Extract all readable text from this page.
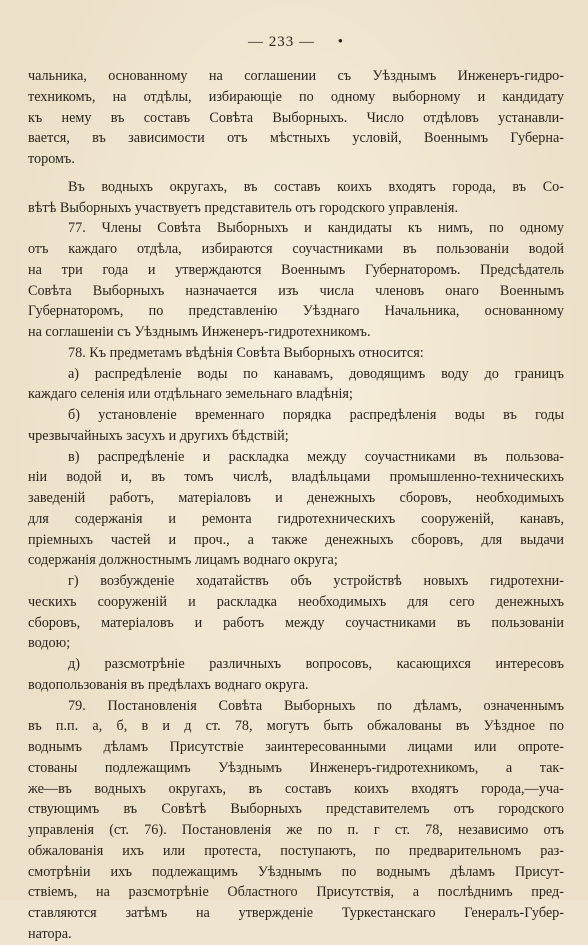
— 233 — •

чальника, основанному на соглашении съ Уѣзднымъ Инженеръ-гидро-
техникомъ, на отдѣлы, избирающіе по одному выборному и кандидату
къ нему въ составъ Совѣта Выборныхъ. Число отдѣловъ устанавли-
вается, въ зависимости отъ мѣстныхъ условій, Военнымъ Губерна-
торомъ.

Въ водныхъ округахъ, въ составъ коихъ входятъ города, въ Со-
вѣтѣ Выборныхъ участвуетъ представитель отъ городского управленія.

77. Члены Совѣта Выборныхъ и кандидаты къ нимъ, по одному
отъ каждаго отдѣла, избираются соучастниками въ пользованіи водой
на три года и утверждаются Военнымъ Губернаторомъ. Предсѣдатель
Совѣта Выборныхъ назначается изъ числа членовъ онаго Военнымъ
Губернаторомъ, по представленію Уѣзднаго Начальника, основанному
на соглашеніи съ Уѣзднымъ Инженеръ-гидротехникомъ.

78. Къ предметамъ вѣдѣнія Совѣта Выборныхъ относится:

а) распредѣленіе воды по канавамъ, доводящимъ воду до границъ
каждаго селенія или отдѣльнаго земельнаго владѣнія;

б) установленіе временнаго порядка распредѣленія воды въ годы
чрезвычайныхъ засухъ и другихъ бѣдствій;

в) распредѣленіе и раскладка между соучастниками въ пользова-
ніи водой и, въ томъ числѣ, владѣльцами промышленно-техническихъ
заведеній работъ, матеріаловъ и денежныхъ сборовъ, необходимыхъ
для содержанія и ремонта гидротехническихъ сооруженій, канавъ,
пріемныхъ частей и проч., а также денежныхъ сборовъ, для выдачи
содержанія должностнымъ лицамъ воднаго округа;

г) возбужденіе ходатайствъ объ устройствѣ новыхъ гидротехни-
ческихъ сооруженій и раскладка необходимыхъ для сего денежныхъ
сборовъ, матеріаловъ и работъ между соучастниками въ пользованіи
водою;

д) разсмотрѣніе различныхъ вопросовъ, касающихся интересовъ
водопользованія въ предѣлахъ воднаго округа.

79. Постановленія Совѣта Выборныхъ по дѣламъ, означеннымъ
въ п.п. а, б, в и д ст. 78, могутъ быть обжалованы въ Уѣздное по
воднымъ дѣламъ Присутствіе заинтересованными лицами или опроте-
стованы подлежащимъ Уѣзднымъ Инженеръ-гидротехникомъ, а так-
же—въ водныхъ округахъ, въ составъ коихъ входятъ города,—уча-
ствующимъ въ Совѣтѣ Выборныхъ представителемъ отъ городского
управленія (ст. 76). Постановленія же по п. г ст. 78, независимо отъ
обжалованія ихъ или протеста, поступаютъ, по предварительномъ раз-
смотрѣніи ихъ подлежащимъ Уѣзднымъ по воднымъ дѣламъ Присут-
ствіемъ, на разсмотрѣніе Областного Присутствія, а послѣднимъ пред-
ставляются затѣмъ на утвержденіе Туркестанскаго Генералъ-Губер-
натора.
